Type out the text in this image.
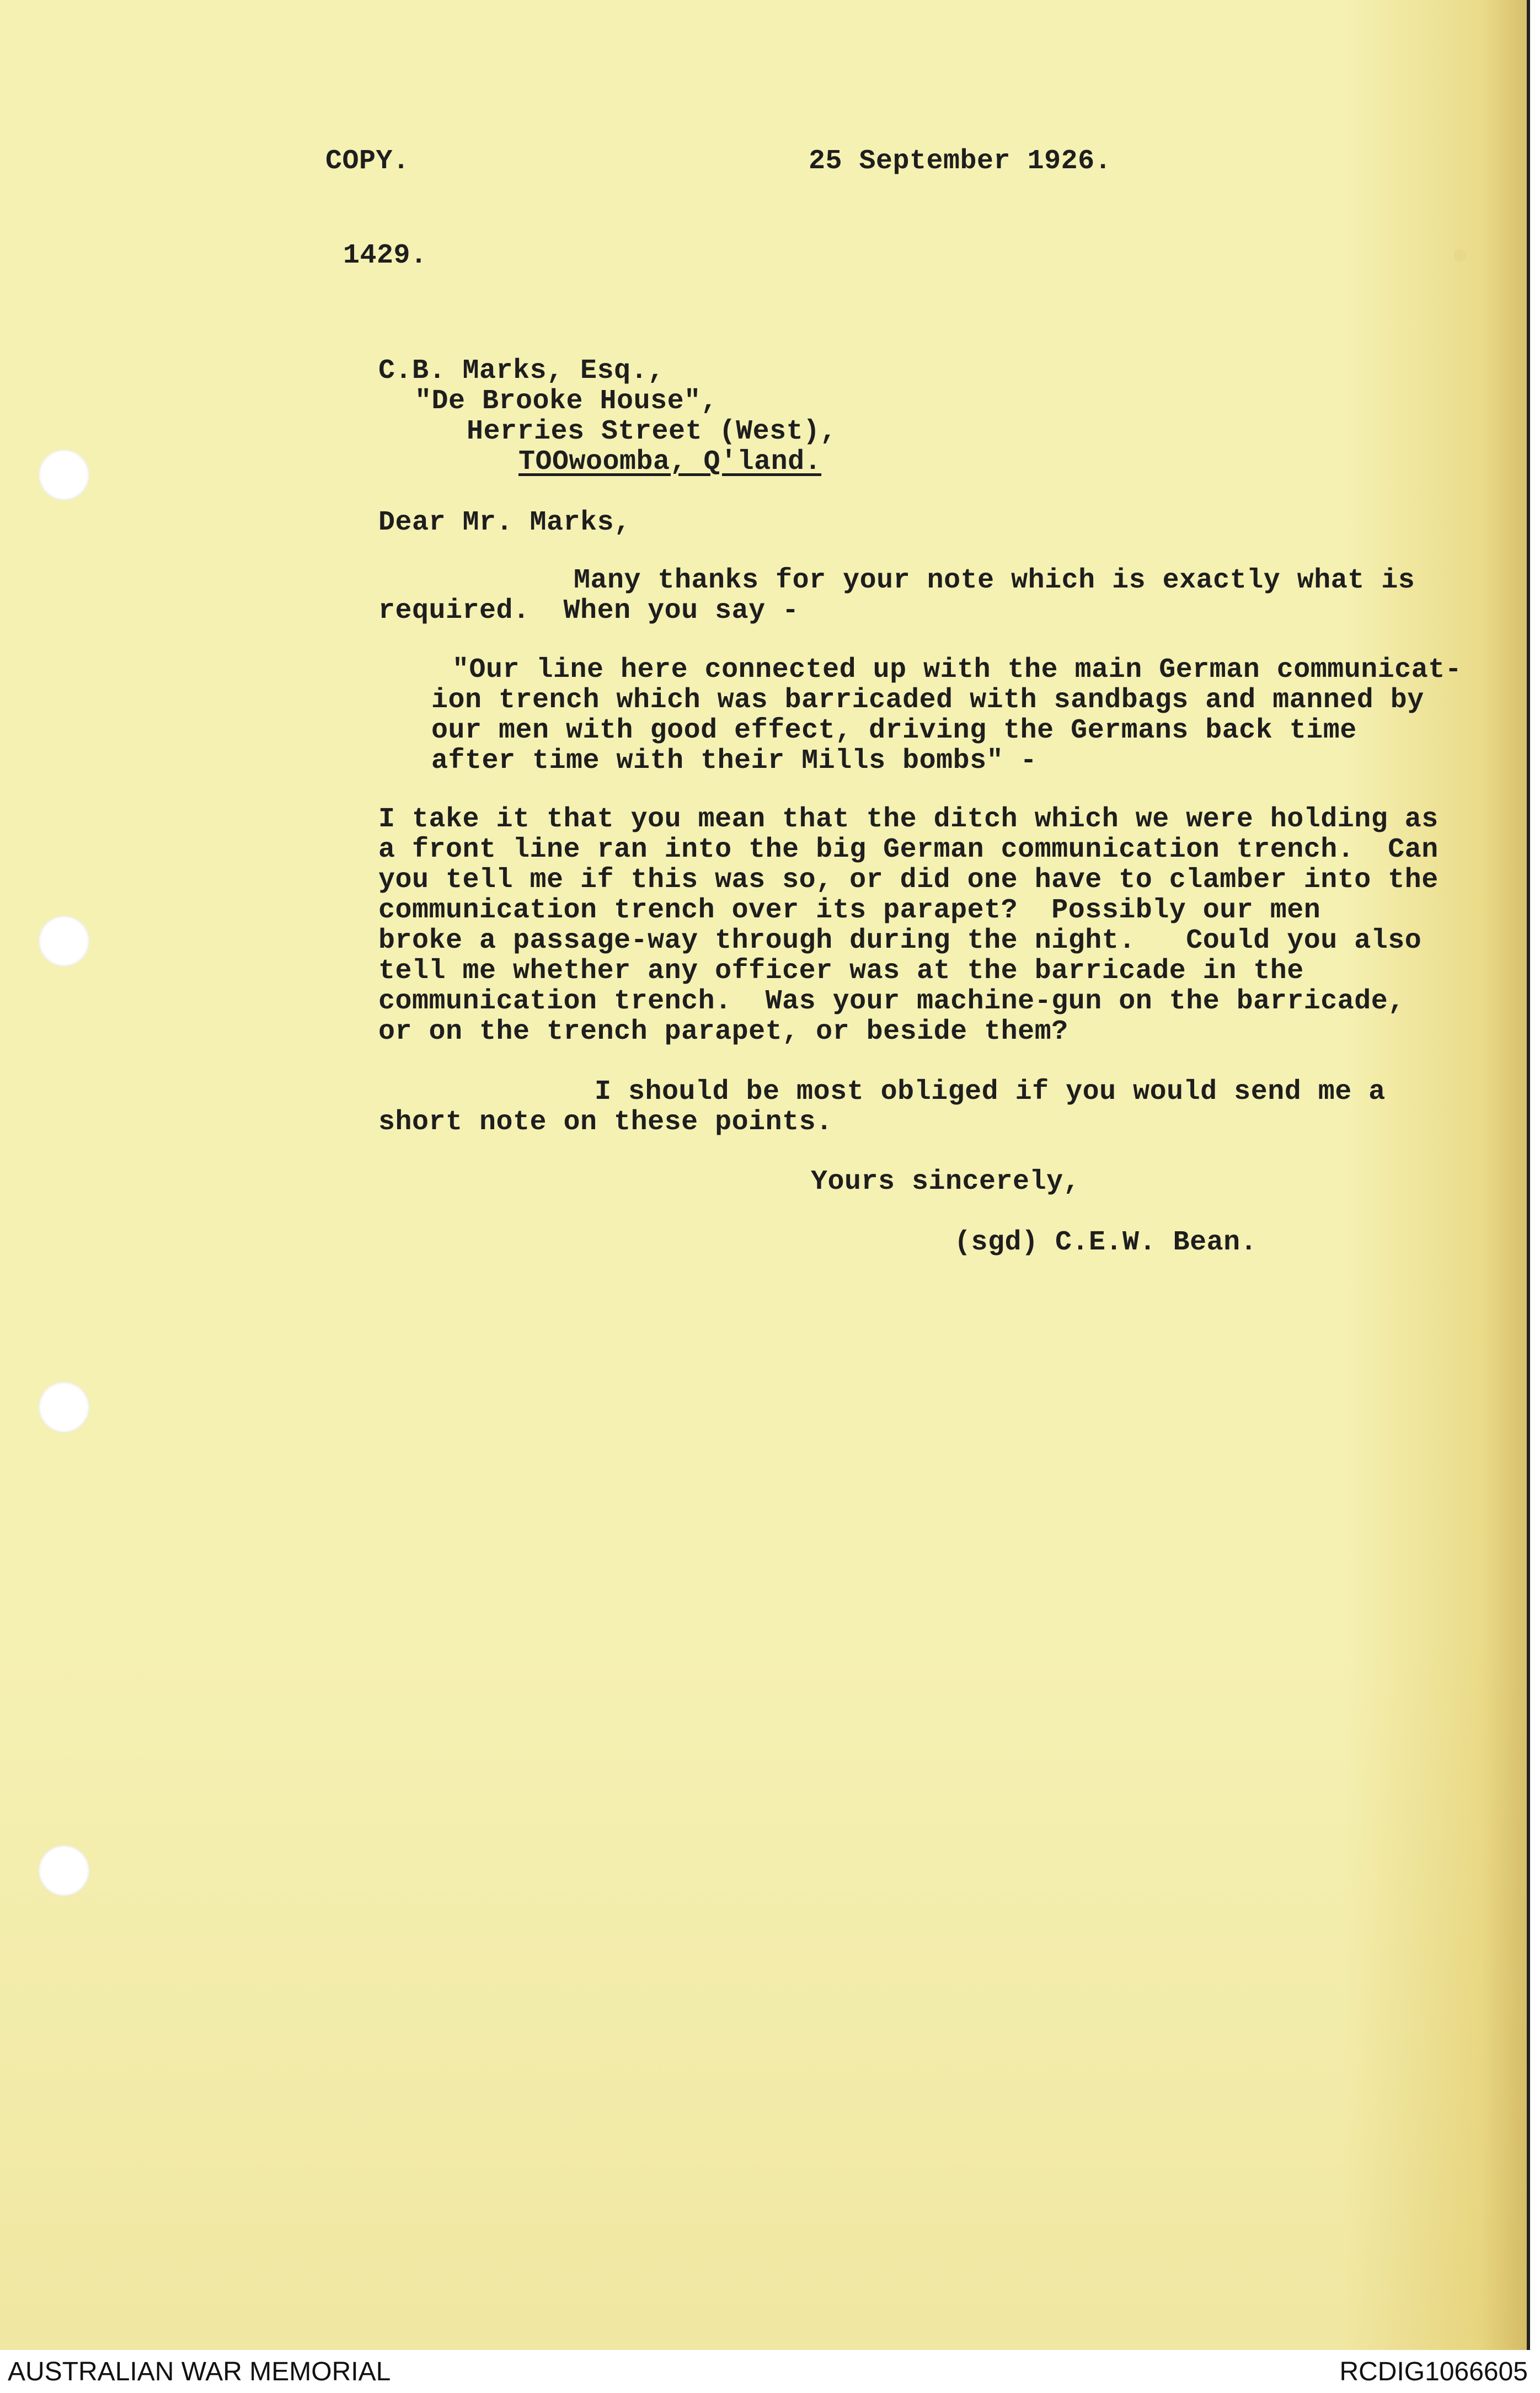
COPY.	25 September 1926.
1429.
C.B. Marks, Esq.,
"De Brooke House",
Herries Street (West),
TOOwoomba, Q'land.
Dear Mr. Marks,
Many thanks for your note which is exactly what is
required.  When you say -
"Our line here connected up with the main German communicat-
ion trench which was barricaded with sandbags and manned by
our men with good effect, driving the Germans back time
after time with their Mills bombs" -
I take it that you mean that the ditch which we were holding as
a front line ran into the big German communication trench.  Can
you tell me if this was so, or did one have to clamber into the
communication trench over its parapet?  Possibly our men
broke a passage-way through during the night.   Could you also
tell me whether any officer was at the barricade in the
communication trench.  Was your machine-gun on the barricade,
or on the trench parapet, or beside them?
I should be most obliged if you would send me a
short note on these points.
Yours sincerely,
(sgd) C.E.W. Bean.
AUSTRALIAN WAR MEMORIAL	RCDIG1066605
